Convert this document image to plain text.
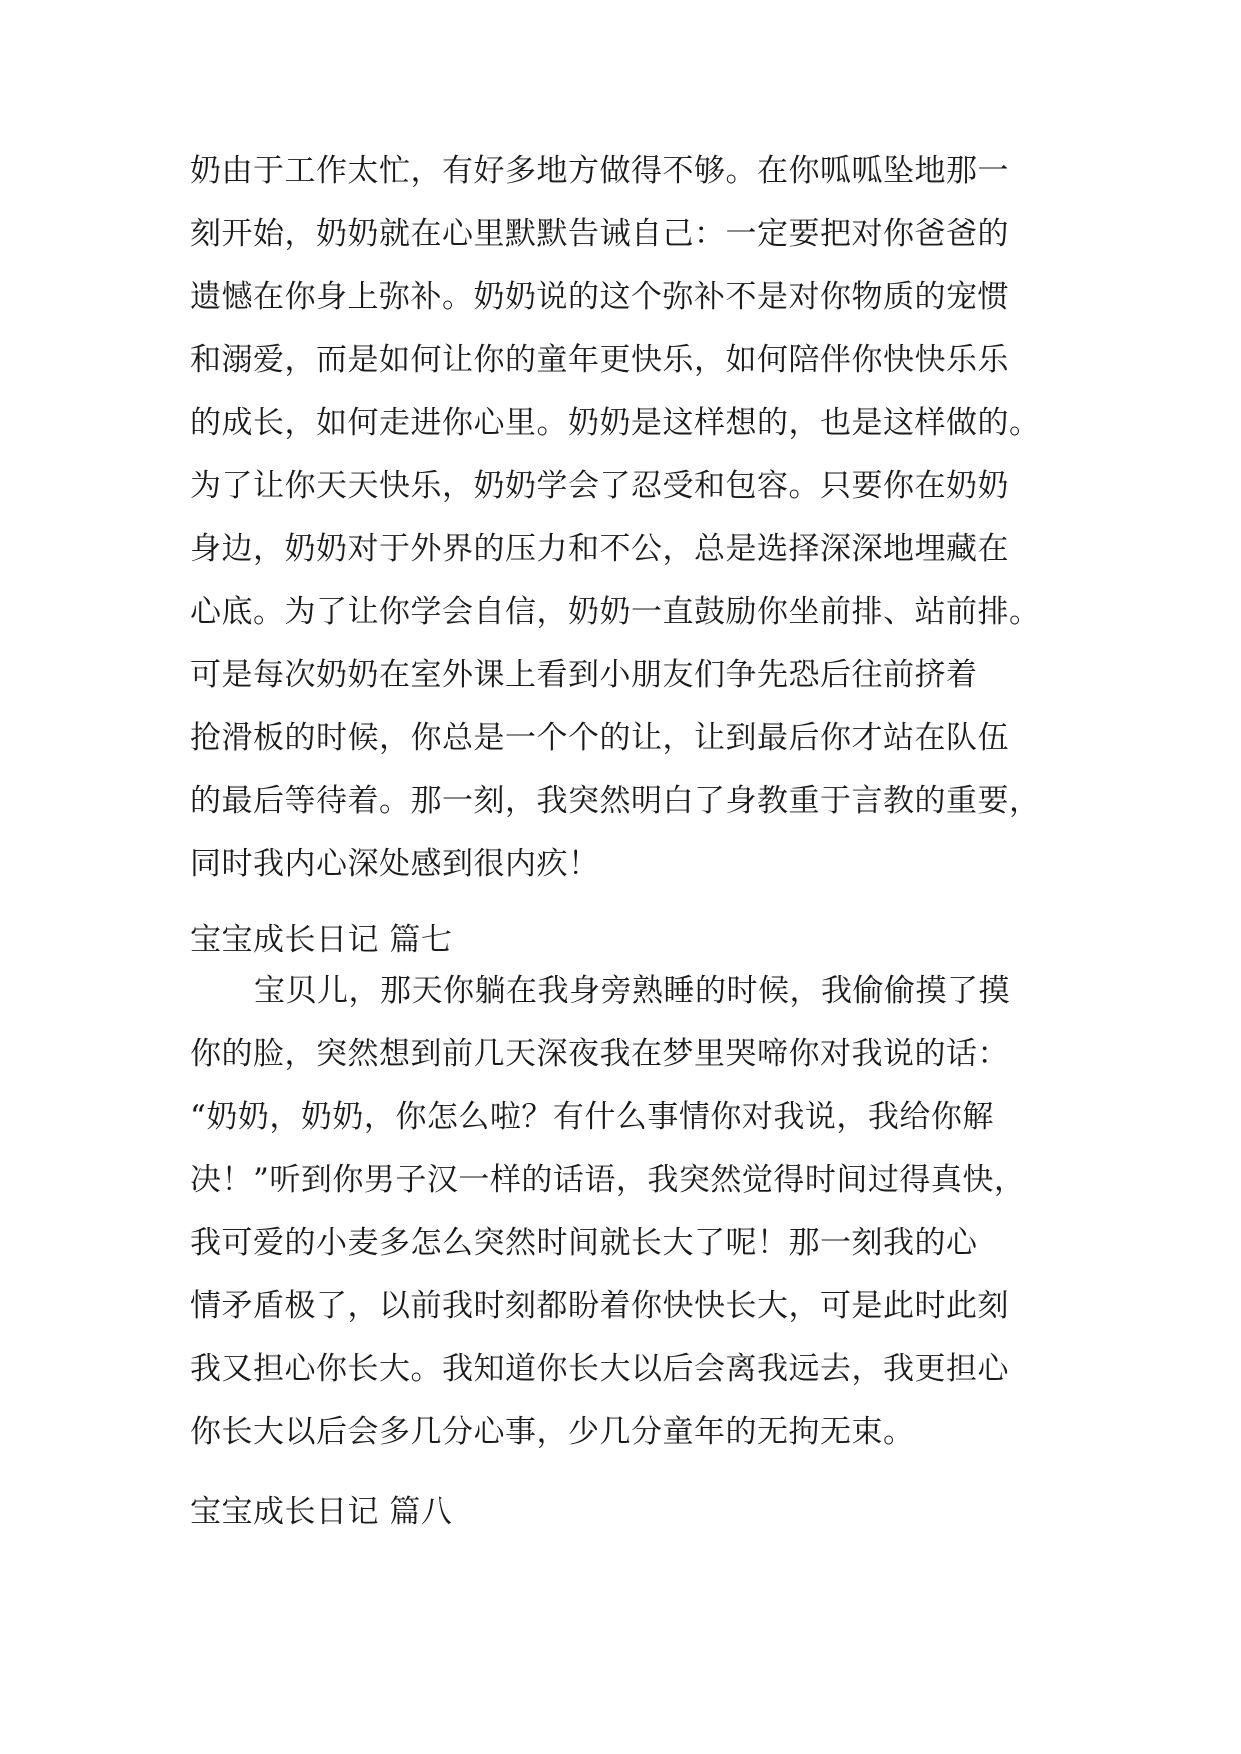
奶由于工作太忙，有好多地方做得不够。在你呱呱坠地那一
刻开始，奶奶就在心里默默告诫自己：一定要把对你爸爸的
遗憾在你身上弥补。奶奶说的这个弥补不是对你物质的宠惯
和溺爱，而是如何让你的童年更快乐，如何陪伴你快快乐乐
的成长，如何走进你心里。奶奶是这样想的，也是这样做的。
为了让你天天快乐，奶奶学会了忍受和包容。只要你在奶奶
身边，奶奶对于外界的压力和不公，总是选择深深地埋藏在
心底。为了让你学会自信，奶奶一直鼓励你坐前排、站前排。
可是每次奶奶在室外课上看到小朋友们争先恐后往前挤着
抢滑板的时候，你总是一个个的让，让到最后你才站在队伍
的最后等待着。那一刻，我突然明白了身教重于言教的重要，
同时我内心深处感到很内疚！
宝宝成长日记 篇七
宝贝儿，那天你躺在我身旁熟睡的时候，我偷偷摸了摸
你的脸，突然想到前几天深夜我在梦里哭啼你对我说的话：
“奶奶，奶奶，你怎么啦？有什么事情你对我说，我给你解
决！”听到你男子汉一样的话语，我突然觉得时间过得真快，
我可爱的小麦多怎么突然时间就长大了呢！那一刻我的心
情矛盾极了，以前我时刻都盼着你快快长大，可是此时此刻
我又担心你长大。我知道你长大以后会离我远去，我更担心
你长大以后会多几分心事，少几分童年的无拘无束。
宝宝成长日记 篇八
